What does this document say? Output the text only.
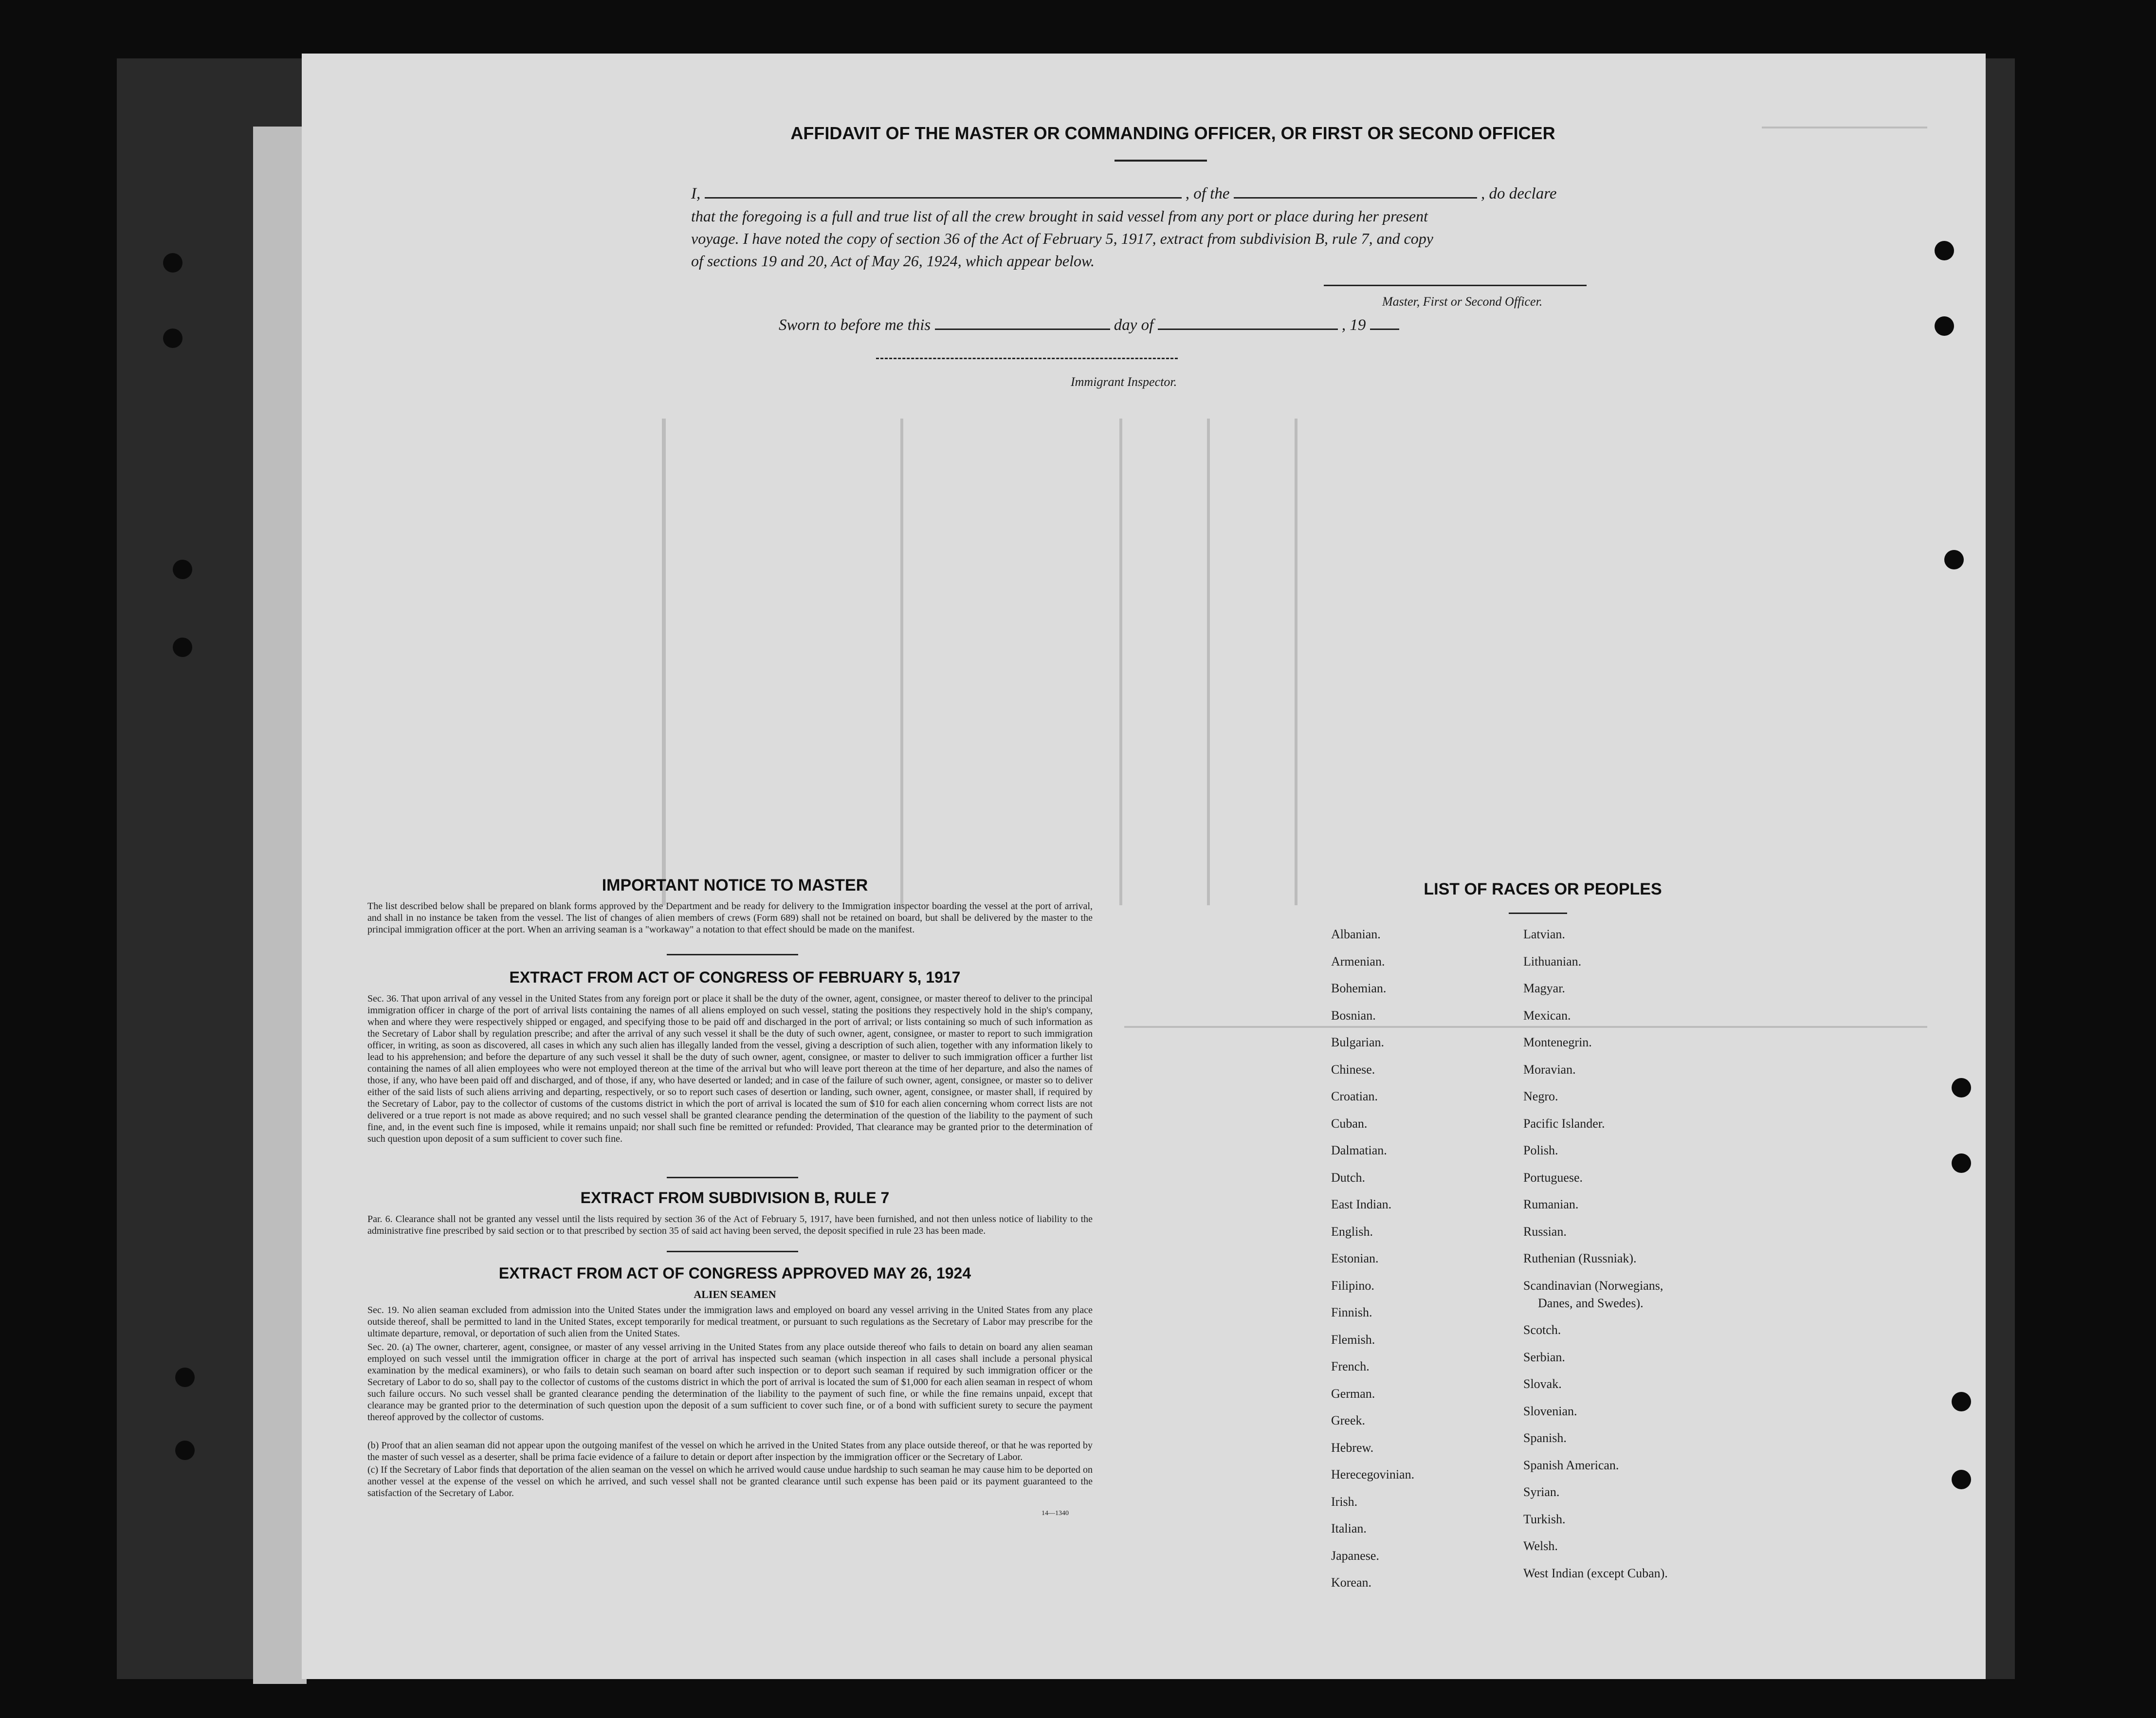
AFFIDAVIT OF THE MASTER OR COMMANDING OFFICER, OR FIRST OR SECOND OFFICER
I,	, of the	, do declare
that the foregoing is a full and true list of all the crew brought in said vessel from any port or place during her present
voyage. I have noted the copy of section 36 of the Act of February 5, 1917, extract from subdivision B, rule 7, and copy
of sections 19 and 20, Act of May 26, 1924, which appear below.
Master, First or Second Officer.
Sworn to before me this	day of	, 19
Immigrant Inspector.
IMPORTANT NOTICE TO MASTER
The list described below shall be prepared on blank forms approved by the Department and be ready for delivery to the Immigration inspector boarding the vessel at the port of arrival, and shall in no instance be taken from the vessel. The list of changes of alien members of crews (Form 689) shall not be retained on board, but shall be delivered by the master to the principal immigration officer at the port. When an arriving seaman is a "workaway" a notation to that effect should be made on the manifest.
EXTRACT FROM ACT OF CONGRESS OF FEBRUARY 5, 1917
Sec. 36. That upon arrival of any vessel in the United States from any foreign port or place it shall be the duty of the owner, agent, consignee, or master thereof to deliver to the principal immigration officer in charge of the port of arrival lists containing the names of all aliens employed on such vessel, stating the positions they respectively hold in the ship's company, when and where they were respectively shipped or engaged, and specifying those to be paid off and discharged in the port of arrival; or lists containing so much of such information as the Secretary of Labor shall by regulation prescribe; and after the arrival of any such vessel it shall be the duty of such owner, agent, consignee, or master to report to such immigration officer, in writing, as soon as discovered, all cases in which any such alien has illegally landed from the vessel, giving a description of such alien, together with any information likely to lead to his apprehension; and before the departure of any such vessel it shall be the duty of such owner, agent, consignee, or master to deliver to such immigration officer a further list containing the names of all alien employees who were not employed thereon at the time of the arrival but who will leave port thereon at the time of her departure, and also the names of those, if any, who have been paid off and discharged, and of those, if any, who have deserted or landed; and in case of the failure of such owner, agent, consignee, or master so to deliver either of the said lists of such aliens arriving and departing, respectively, or so to report such cases of desertion or landing, such owner, agent, consignee, or master shall, if required by the Secretary of Labor, pay to the collector of customs of the customs district in which the port of arrival is located the sum of $10 for each alien concerning whom correct lists are not delivered or a true report is not made as above required; and no such vessel shall be granted clearance pending the determination of the question of the liability to the payment of such fine, and, in the event such fine is imposed, while it remains unpaid; nor shall such fine be remitted or refunded: Provided, That clearance may be granted prior to the determination of such question upon deposit of a sum sufficient to cover such fine.
EXTRACT FROM SUBDIVISION B, RULE 7
Par. 6. Clearance shall not be granted any vessel until the lists required by section 36 of the Act of February 5, 1917, have been furnished, and not then unless notice of liability to the administrative fine prescribed by said section or to that prescribed by section 35 of said act having been served, the deposit specified in rule 23 has been made.
EXTRACT FROM ACT OF CONGRESS APPROVED MAY 26, 1924
ALIEN SEAMEN
Sec. 19. No alien seaman excluded from admission into the United States under the immigration laws and employed on board any vessel arriving in the United States from any place outside thereof, shall be permitted to land in the United States, except temporarily for medical treatment, or pursuant to such regulations as the Secretary of Labor may prescribe for the ultimate departure, removal, or deportation of such alien from the United States.
Sec. 20. (a) The owner, charterer, agent, consignee, or master of any vessel arriving in the United States from any place outside thereof who fails to detain on board any alien seaman employed on such vessel until the immigration officer in charge at the port of arrival has inspected such seaman (which inspection in all cases shall include a personal physical examination by the medical examiners), or who fails to detain such seaman on board after such inspection or to deport such seaman if required by such immigration officer or the Secretary of Labor to do so, shall pay to the collector of customs of the customs district in which the port of arrival is located the sum of $1,000 for each alien seaman in respect of whom such failure occurs. No such vessel shall be granted clearance pending the determination of the liability to the payment of such fine, or while the fine remains unpaid, except that clearance may be granted prior to the determination of such question upon the deposit of a sum sufficient to cover such fine, or of a bond with sufficient surety to secure the payment thereof approved by the collector of customs.
(b) Proof that an alien seaman did not appear upon the outgoing manifest of the vessel on which he arrived in the United States from any place outside thereof, or that he was reported by the master of such vessel as a deserter, shall be prima facie evidence of a failure to detain or deport after inspection by the immigration officer or the Secretary of Labor.
(c) If the Secretary of Labor finds that deportation of the alien seaman on the vessel on which he arrived would cause undue hardship to such seaman he may cause him to be deported on another vessel at the expense of the vessel on which he arrived, and such vessel shall not be granted clearance until such expense has been paid or its payment guaranteed to the satisfaction of the Secretary of Labor.
14—1340
LIST OF RACES OR PEOPLES
Albanian.
Armenian.
Bohemian.
Bosnian.
Bulgarian.
Chinese.
Croatian.
Cuban.
Dalmatian.
Dutch.
East Indian.
English.
Estonian.
Filipino.
Finnish.
Flemish.
French.
German.
Greek.
Hebrew.
Herecegovinian.
Irish.
Italian.
Japanese.
Korean.
Latvian.
Lithuanian.
Magyar.
Mexican.
Montenegrin.
Moravian.
Negro.
Pacific Islander.
Polish.
Portuguese.
Rumanian.
Russian.
Ruthenian (Russniak).
Scandinavian (Norwegians,
Danes, and Swedes).
Scotch.
Serbian.
Slovak.
Slovenian.
Spanish.
Spanish American.
Syrian.
Turkish.
Welsh.
West Indian (except Cuban).
